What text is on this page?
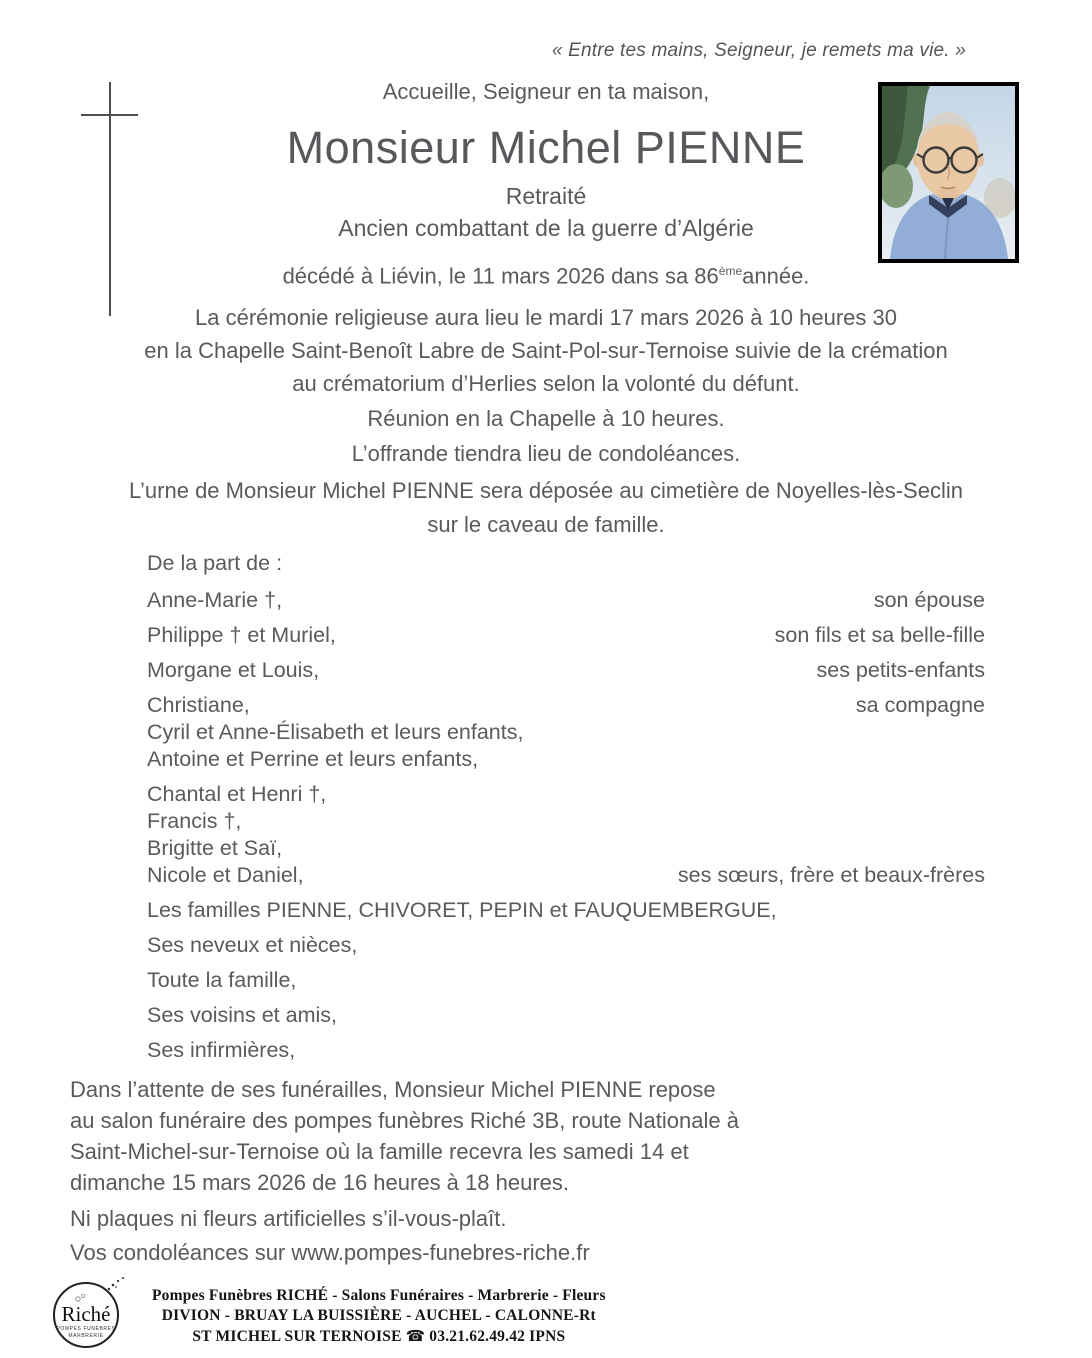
« Entre tes mains, Seigneur, je remets ma vie. »
Accueille, Seigneur en ta maison,
Monsieur Michel PIENNE
Retraité
Ancien combattant de la guerre d’Algérie
décédé à Liévin, le 11 mars 2026 dans sa 86èmeannée.
La cérémonie religieuse aura lieu le mardi 17 mars 2026 à 10 heures 30
en la Chapelle Saint-Benoît Labre de Saint-Pol-sur-Ternoise suivie de la crémation
au crématorium d’Herlies selon la volonté du défunt.
Réunion en la Chapelle à 10 heures.
L’offrande tiendra lieu de condoléances.
L’urne de Monsieur Michel PIENNE sera déposée au cimetière de Noyelles-lès-Seclin
sur le caveau de famille.
De la part de :
Anne-Marie †,	son épouse
Philippe † et Muriel,	son fils et sa belle-fille
Morgane et Louis,	ses petits-enfants
Christiane,	sa compagne
Cyril et Anne-Élisabeth et leurs enfants,
Antoine et Perrine et leurs enfants,
Chantal et Henri †,
Francis †,
Brigitte et Saï,
Nicole et Daniel,	ses sœurs, frère et beaux-frères
Les familles PIENNE, CHIVORET, PEPIN et FAUQUEMBERGUE,
Ses neveux et nièces,
Toute la famille,
Ses voisins et amis,
Ses infirmières,
Dans l’attente de ses funérailles, Monsieur Michel PIENNE repose
au salon funéraire des pompes funèbres Riché 3B, route Nationale à
Saint-Michel-sur-Ternoise où la famille recevra les samedi 14 et
dimanche 15 mars 2026 de 16 heures à 18 heures.
Ni plaques ni fleurs artificielles s’il-vous-plaît.
Vos condoléances sur www.pompes-funebres-riche.fr
Riché
POMPES FUNÈBRES
MARBRERIE
Pompes Funèbres RICHÉ - Salons Funéraires - Marbrerie - Fleurs
DIVION - BRUAY LA BUISSIÈRE - AUCHEL - CALONNE-Rt
ST MICHEL SUR TERNOISE ☎ 03.21.62.49.42 IPNS
